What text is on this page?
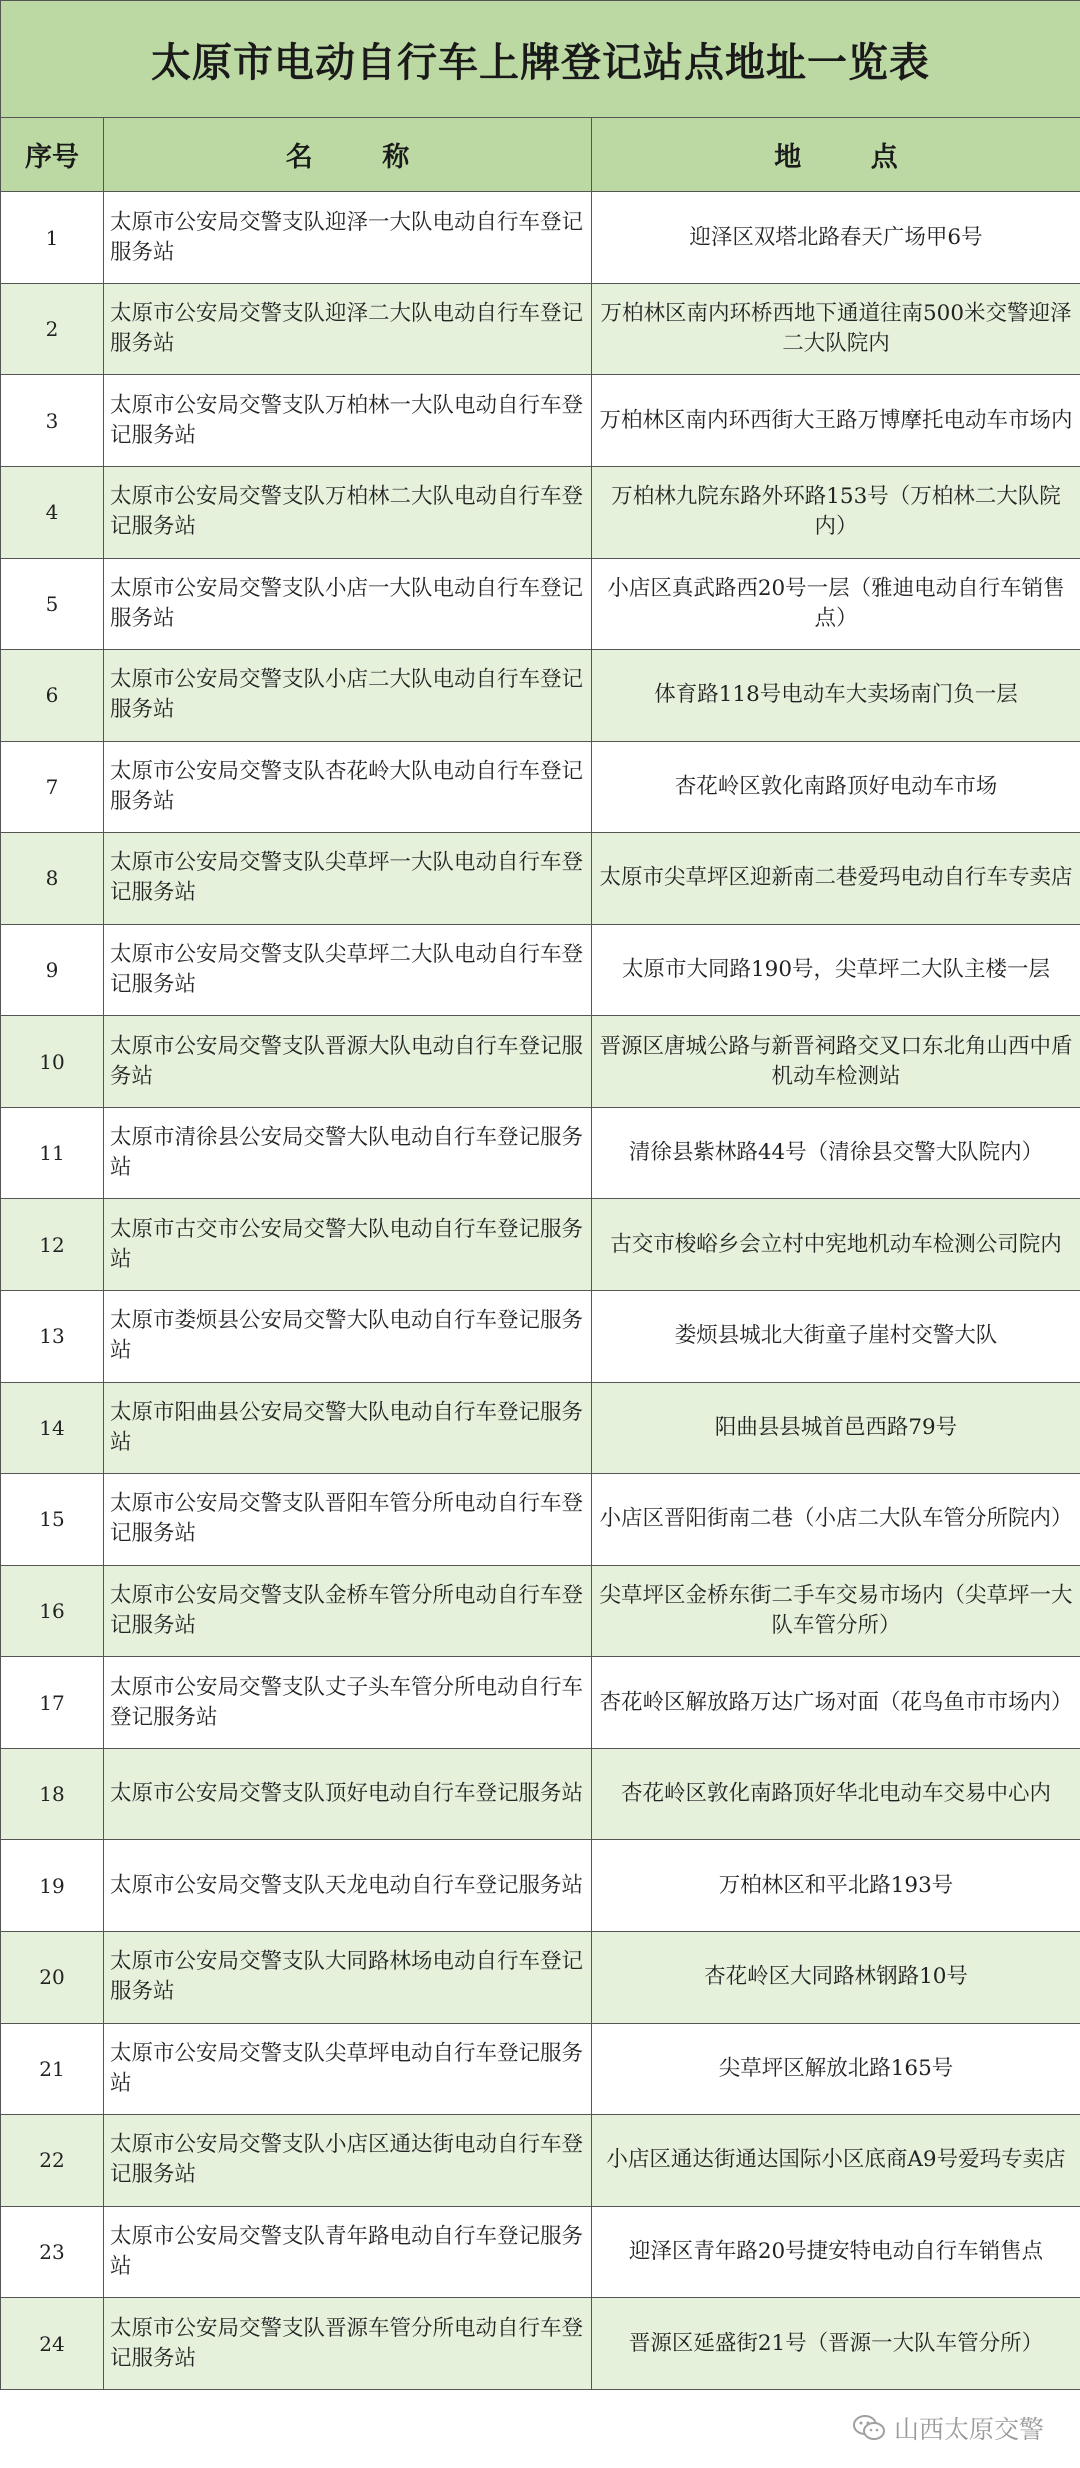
太原市电动自行车上牌登记站点地址一览表		
序号	名 称	地 点
1	太原市公安局交警支队迎泽一大队电动自行车登记服务站	迎泽区双塔北路春天广场甲6号
2	太原市公安局交警支队迎泽二大队电动自行车登记服务站	万柏林区南内环桥西地下通道往南500米交警迎泽二大队院内
3	太原市公安局交警支队万柏林一大队电动自行车登记服务站	万柏林区南内环西街大王路万博摩托电动车市场内
4	太原市公安局交警支队万柏林二大队电动自行车登记服务站	万柏林九院东路外环路153号（万柏林二大队院内）
5	太原市公安局交警支队小店一大队电动自行车登记服务站	小店区真武路西20号一层（雅迪电动自行车销售点）
6	太原市公安局交警支队小店二大队电动自行车登记服务站	体育路118号电动车大卖场南门负一层
7	太原市公安局交警支队杏花岭大队电动自行车登记服务站	杏花岭区敦化南路顶好电动车市场
8	太原市公安局交警支队尖草坪一大队电动自行车登记服务站	太原市尖草坪区迎新南二巷爱玛电动自行车专卖店
9	太原市公安局交警支队尖草坪二大队电动自行车登记服务站	太原市大同路190号，尖草坪二大队主楼一层
10	太原市公安局交警支队晋源大队电动自行车登记服务站	晋源区唐城公路与新晋祠路交叉口东北角山西中盾机动车检测站
11	太原市清徐县公安局交警大队电动自行车登记服务站	清徐县紫林路44号（清徐县交警大队院内）
12	太原市古交市公安局交警大队电动自行车登记服务站	古交市梭峪乡会立村中宪地机动车检测公司院内
13	太原市娄烦县公安局交警大队电动自行车登记服务站	娄烦县城北大街童子崖村交警大队
14	太原市阳曲县公安局交警大队电动自行车登记服务站	阳曲县县城首邑西路79号
15	太原市公安局交警支队晋阳车管分所电动自行车登记服务站	小店区晋阳街南二巷（小店二大队车管分所院内）
16	太原市公安局交警支队金桥车管分所电动自行车登记服务站	尖草坪区金桥东街二手车交易市场内（尖草坪一大队车管分所）
17	太原市公安局交警支队丈子头车管分所电动自行车登记服务站	杏花岭区解放路万达广场对面（花鸟鱼市市场内）
18	太原市公安局交警支队顶好电动自行车登记服务站	杏花岭区敦化南路顶好华北电动车交易中心内
19	太原市公安局交警支队天龙电动自行车登记服务站	万柏林区和平北路193号
20	太原市公安局交警支队大同路林场电动自行车登记服务站	杏花岭区大同路林钢路10号
21	太原市公安局交警支队尖草坪电动自行车登记服务站	尖草坪区解放北路165号
22	太原市公安局交警支队小店区通达街电动自行车登记服务站	小店区通达街通达国际小区底商A9号爱玛专卖店
23	太原市公安局交警支队青年路电动自行车登记服务站	迎泽区青年路20号捷安特电动自行车销售点
24	太原市公安局交警支队晋源车管分所电动自行车登记服务站	晋源区延盛街21号（晋源一大队车管分所）
山西太原交警
